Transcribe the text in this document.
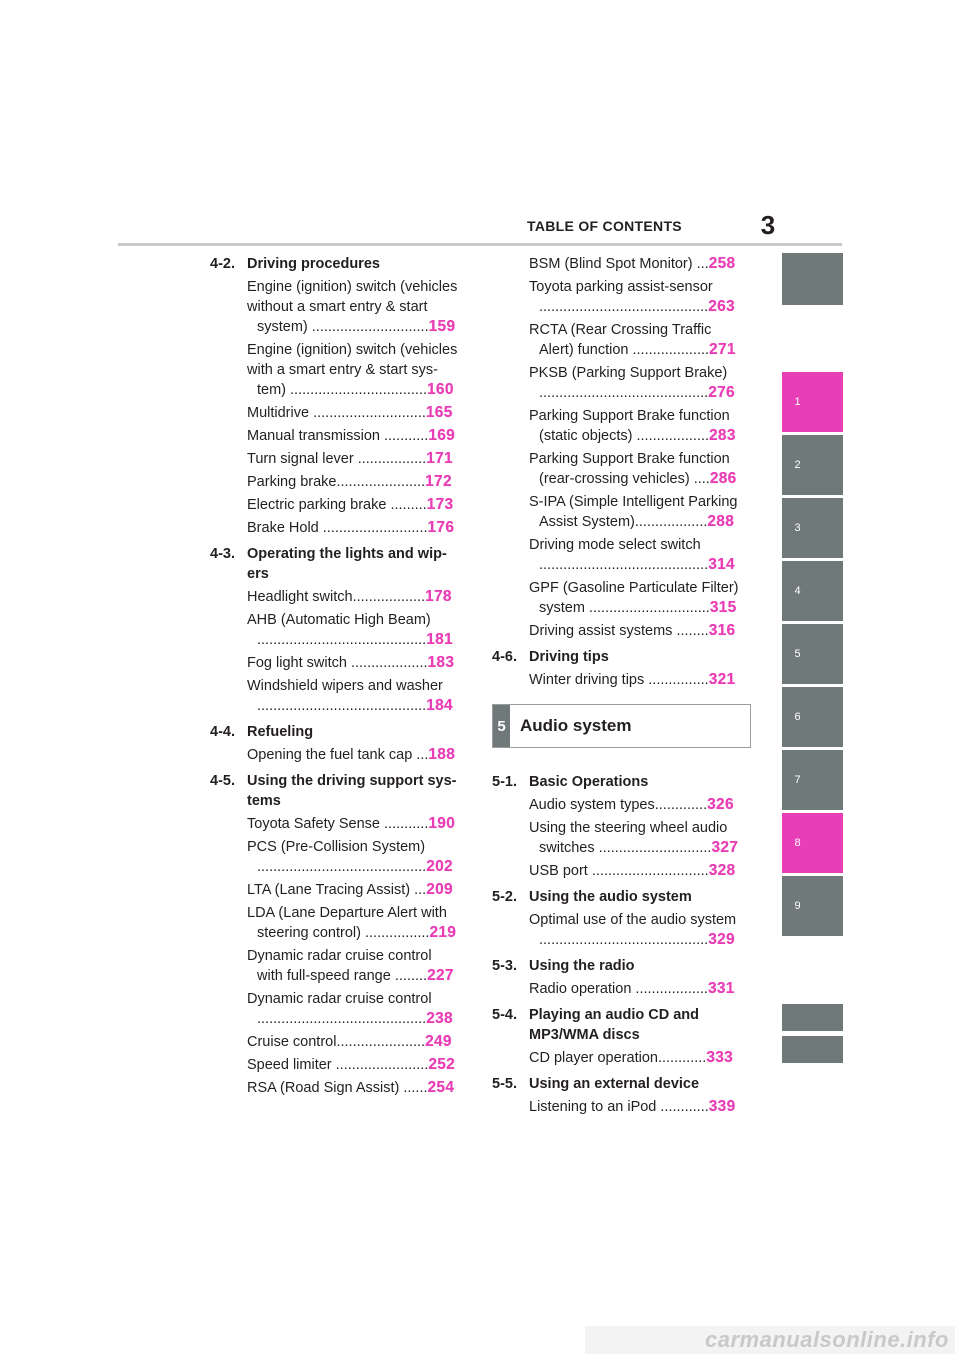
TABLE OF CONTENTS	3
1
2
3
4
5
6
7
8
9
4-2. Driving procedures
Engine (ignition) switch (vehicles
without a smart entry & start
system) .............................159
Engine (ignition) switch (vehicles
with a smart entry & start sys-
tem) ..................................160
Multidrive ............................165
Manual transmission ...........169
Turn signal lever .................171
Parking brake......................172
Electric parking brake .........173
Brake Hold ..........................176
4-3. Operating the lights and wip-ers
Headlight switch..................178
AHB (Automatic High Beam)
..........................................181
Fog light switch ...................183
Windshield wipers and washer
..........................................184
4-4. Refueling
Opening the fuel tank cap ...188
4-5. Using the driving support sys-tems
Toyota Safety Sense ...........190
PCS (Pre-Collision System)
..........................................202
LTA (Lane Tracing Assist) ...209
LDA (Lane Departure Alert with
steering control) ................219
Dynamic radar cruise control
with full-speed range ........227
Dynamic radar cruise control
..........................................238
Cruise control......................249
Speed limiter .......................252
RSA (Road Sign Assist) ......254
BSM (Blind Spot Monitor) ...258
Toyota parking assist-sensor
..........................................263
RCTA (Rear Crossing Traffic
Alert) function ...................271
PKSB (Parking Support Brake)
..........................................276
Parking Support Brake function
(static objects) ..................283
Parking Support Brake function
(rear-crossing vehicles) ....286
S-IPA (Simple Intelligent Parking
Assist System)..................288
Driving mode select switch
..........................................314
GPF (Gasoline Particulate Filter)
system ..............................315
Driving assist systems ........316
4-6. Driving tips
Winter driving tips ...............321
5 Audio system
5-1. Basic Operations
Audio system types.............326
Using the steering wheel audio
switches ............................327
USB port .............................328
5-2. Using the audio system
Optimal use of the audio system
..........................................329
5-3. Using the radio
Radio operation ..................331
5-4. Playing an audio CD and MP3/WMA discs
CD player operation............333
5-5. Using an external device
Listening to an iPod ............339
carmanualsonline.info
